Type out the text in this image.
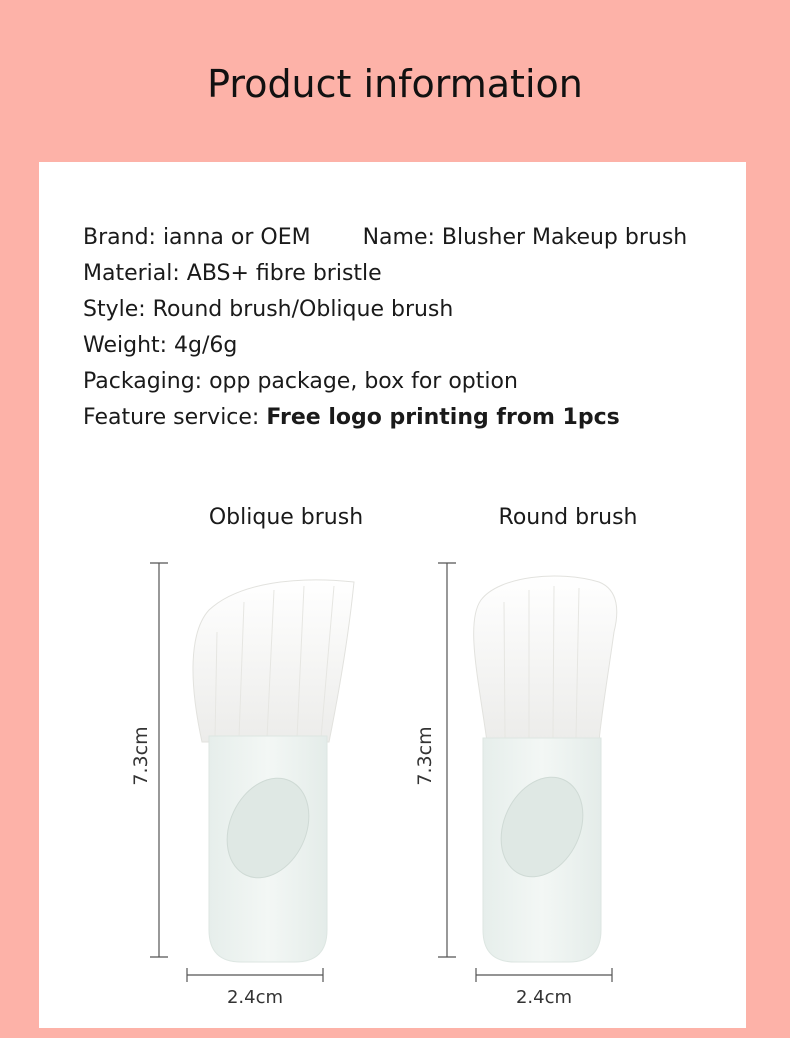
Product information
Brand: ianna or OEM Name: Blusher Makeup brush
Material: ABS+ fibre bristle
Style: Round brush/Oblique brush
Weight: 4g/6g
Packaging: opp package, box for option
Feature service: Free logo printing from 1pcs
Oblique brush	Round brush
7.3cm	7.3cm
2.4cm	2.4cm
